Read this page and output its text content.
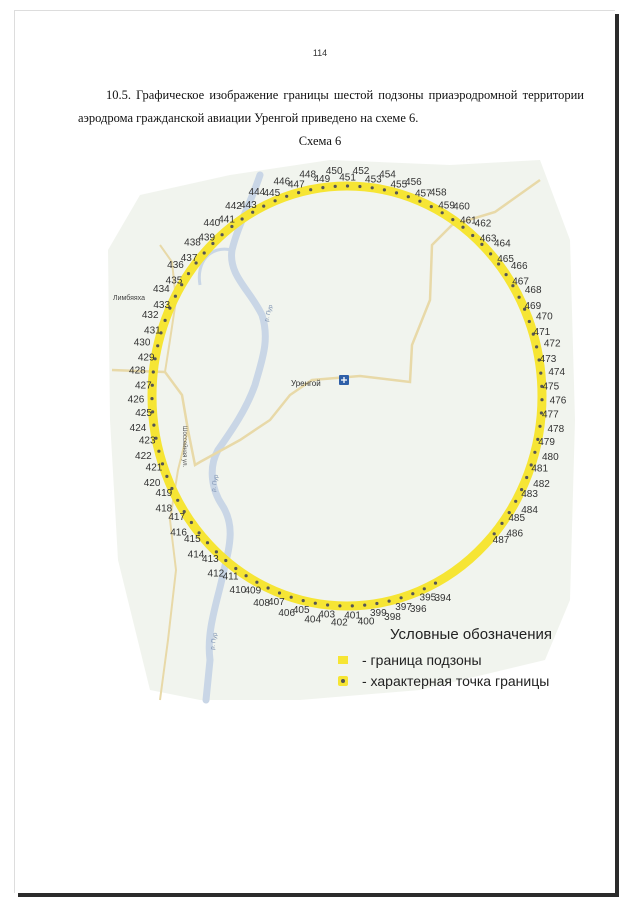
114
10.5. Графическое изображение границы шестой подзоны приаэродромной территории аэродрома гражданской авиации Уренгой приведено на схеме 6.
Схема 6
Лимбяяха
Уренгой
Шоссейная ул.
р. Пур
р. Пур
р. Пур
394
395
396
397
398
399
400
401
402
403
404
405
406
407
408
409
410
411
412
413
414
415
416
417
418
419
420
421
422
423
424
425
426
427
428
429
430
431
432
433
434
435
436
437
438
439
440
441
442
443
444
445
446
447
448
449
450
451
452
453
454
455
456
457
458
459
460
461
462
463
464
465
466
467
468
469
470
471
472
473
474
475
476
477
478
479
480
481
482
483
484
485
486
487
Условные обозначения
- граница подзоны
- характерная точка границы
